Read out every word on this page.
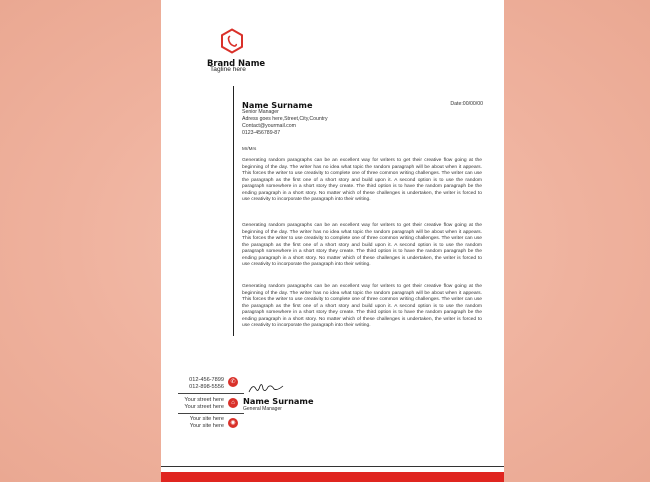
Brand Name
Tagline here
Name Surname	Date:00/00/00
Senior Manager
Adress goes here,Street,City,Country
Contact@yourmail.com
0123-456789-87
Mr/Mrs

Generating random paragraphs can be an excellent way for writers to get their creative flow going at the beginning of the day. The writer has no idea what topic the random paragraph will be about when it appears. This forces the writer to use creativity to complete one of three common writing challenges. The writer can use the paragraph as the first one of a short story and build upon it. A second option is to use the random paragraph somewhere in a short story they create. The third option is to have the random paragraph be the ending paragraph in a short story. No matter which of these challenges is undertaken, the writer is forced to use creativity to incorporate the paragraph into their writing.

Generating random paragraphs can be an excellent way for writers to get their creative flow going at the beginning of the day. The writer has no idea what topic the random paragraph will be about when it appears. This forces the writer to use creativity to complete one of three common writing challenges. The writer can use the paragraph as the first one of a short story and build upon it. A second option is to use the random paragraph somewhere in a short story they create. The third option is to have the random paragraph be the ending paragraph in a short story. No matter which of these challenges is undertaken, the writer is forced to use creativity to incorporate the paragraph into their writing.

Generating random paragraphs can be an excellent way for writers to get their creative flow going at the beginning of the day. The writer has no idea what topic the random paragraph will be about when it appears. This forces the writer to use creativity to complete one of three common writing challenges. The writer can use the paragraph as the first one of a short story and build upon it. A second option is to use the random paragraph somewhere in a short story they create. The third option is to have the random paragraph be the ending paragraph in a short story. No matter which of these challenges is undertaken, the writer is forced to use creativity to incorporate the paragraph into their writing.

012-456-7899
012-898-5556
✆
Your street here
Your street here
⌂
Your site here
Your site here	◉
Name Surname
General Manager
